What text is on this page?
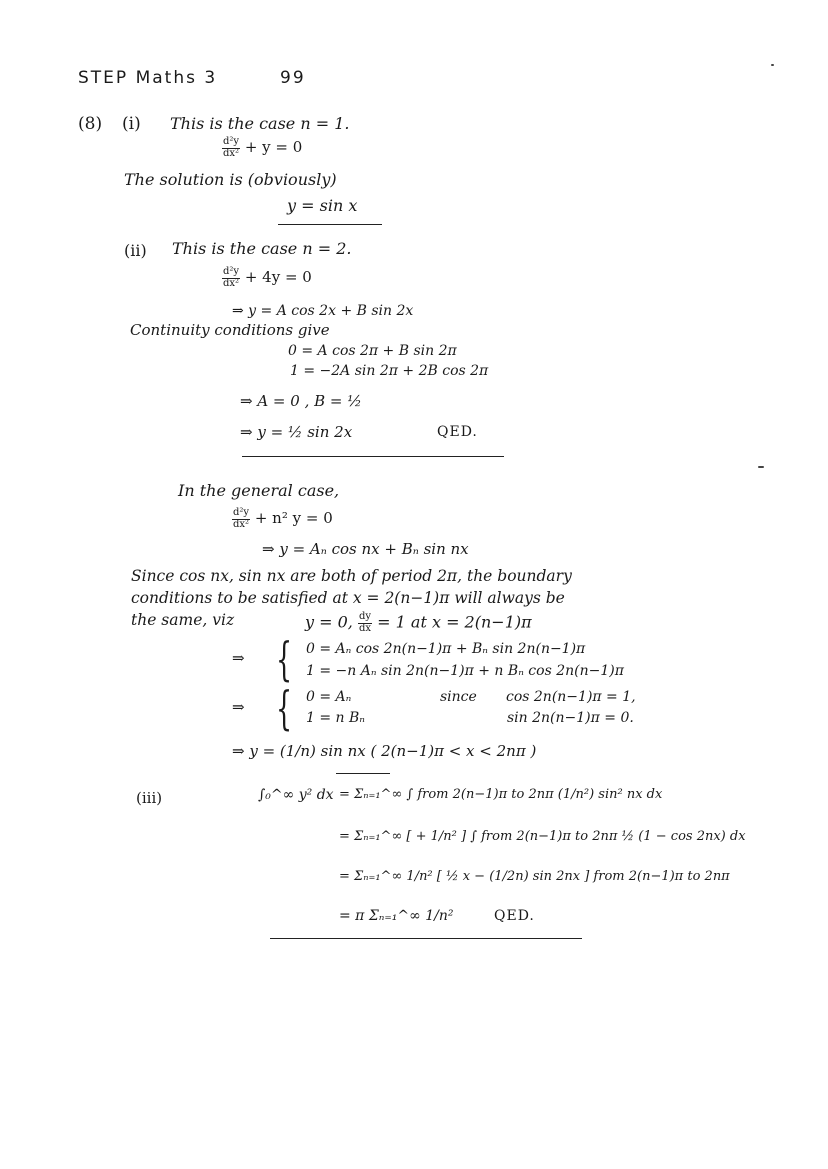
STEP Maths 3	99
(8) (i) This is the case n = 1.
$\frac{\text{d²y}}{\text{dx²}} + y = 0$
The solution is (obviously)
y = sin x
(ii) This is the case n = 2.
$\frac{\text{d²y}}{\text{dx²}} + 4y = 0$
⇒ y = A cos 2x + B sin 2x
Continuity conditions give
0 = A cos 2π + B sin 2π
1 = −2A sin 2π + 2B cos 2π
⇒ A = 0 , B = ½
⇒ y = ½ sin 2x	QED.
In the general case,
$\frac{\text{d²y}}{\text{dx²}} + n^2$ y = 0
⇒ y = Aₙ cos nx + Bₙ sin nx
Since cos nx, sin nx are both of period 2π, the boundary
conditions to be satisfied at x = 2(n−1)π will always be
the same, viz	y = 0, $\frac{dy}{dx} = 1$ at x = 2(n−1)π
⇒ { 0 = Aₙ cos 2n(n−1)π + Bₙ sin 2n(n−1)π
1 = −n Aₙ sin 2n(n−1)π + n Bₙ cos 2n(n−1)π
⇒ { 0 = Aₙ
1 = n Bₙ
since cos 2n(n−1)π = 1,
sin 2n(n−1)π = 0.
⇒ y = (1/n) sin nx ( 2(n−1)π < x < 2nπ )
(iii)	∫₀^∞ y² dx = Σₙ₌₁^∞ ∫ from 2(n−1)π to 2nπ (1/n²) sin² nx dx
= Σₙ₌₁^∞ [ + 1/n² ] ∫ from 2(n−1)π to 2nπ ½ (1 − cos 2nx) dx
= Σₙ₌₁^∞ 1/n² [ ½ x − (1/2n) sin 2nx ] from 2(n−1)π to 2nπ
= π Σₙ₌₁^∞ 1/n²	QED.
